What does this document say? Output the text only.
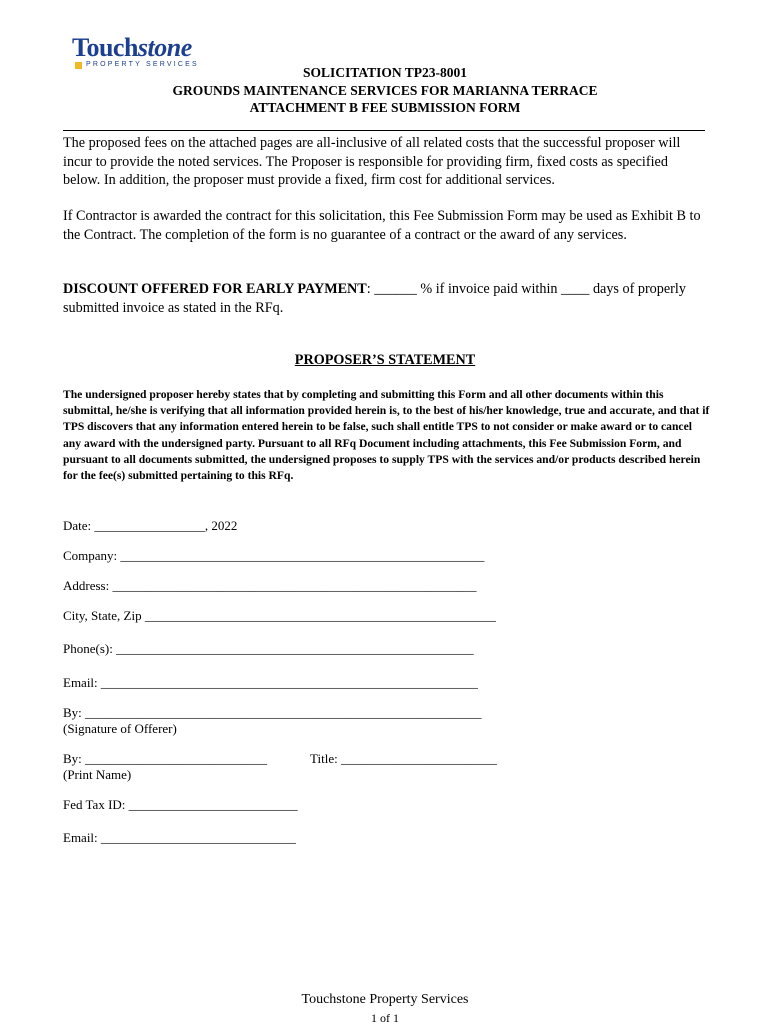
Touchstone
PROPERTY SERVICES
SOLICITATION TP23-8001
GROUNDS MAINTENANCE SERVICES FOR MARIANNA TERRACE
ATTACHMENT B FEE SUBMISSION FORM
The proposed fees on the attached pages are all-inclusive of all related costs that the successful proposer will incur to provide the noted services. The Proposer is responsible for providing firm, fixed costs as specified below. In addition, the proposer must provide a fixed, firm cost for additional services.
If Contractor is awarded the contract for this solicitation, this Fee Submission Form may be used as Exhibit B to the Contract. The completion of the form is no guarantee of a contract or the award of any services.
DISCOUNT OFFERED FOR EARLY PAYMENT: ______ % if invoice paid within ____ days of properly submitted invoice as stated in the RFq.
PROPOSER’S STATEMENT
The undersigned proposer hereby states that by completing and submitting this Form and all other documents within this submittal, he/she is verifying that all information provided herein is, to the best of his/her knowledge, true and accurate, and that if TPS discovers that any information entered herein to be false, such shall entitle TPS to not consider or make award or to cancel any award with the undersigned party. Pursuant to all RFq Document including attachments, this Fee Submission Form, and pursuant to all documents submitted, the undersigned proposes to supply TPS with the services and/or products described herein for the fee(s) submitted pertaining to this RFq.
Date: _________________, 2022
Company: ________________________________________________________
Address: ________________________________________________________
City, State, Zip ______________________________________________________
Phone(s): _______________________________________________________
Email: __________________________________________________________
By: _____________________________________________________________
(Signature of Offerer)
By: ____________________________	Title: ________________________
(Print Name)
Fed Tax ID: __________________________
Email: ______________________________
Touchstone Property Services
1 of 1
